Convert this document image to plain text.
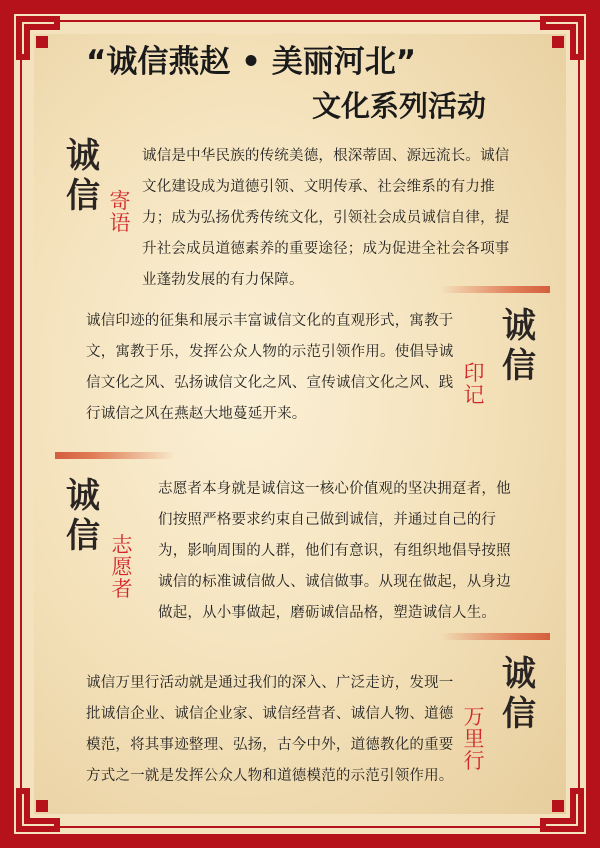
“诚信燕赵 • 美丽河北”
文化系列活动
诚
信 寄
语
诚信是中华民族的传统美德，根深蒂固、源远流长。诚信文化建设成为道德引领、文明传承、社会维系的有力推力；成为弘扬优秀传统文化，引领社会成员诚信自律，提升社会成员道德素养的重要途径；成为促进全社会各项事业蓬勃发展的有力保障。
诚信印迹的征集和展示丰富诚信文化的直观形式，寓教于文，寓教于乐，发挥公众人物的示范引领作用。使倡导诚信文化之风、弘扬诚信文化之风、宣传诚信文化之风、践行诚信之风在燕赵大地蔓延开来。
诚
信
印
记
诚
信 志
愿
者
志愿者本身就是诚信这一核心价值观的坚决拥趸者，他们按照严格要求约束自己做到诚信，并通过自己的行为，影响周围的人群，他们有意识，有组织地倡导按照诚信的标准诚信做人、诚信做事。从现在做起，从身边做起，从小事做起，磨砺诚信品格，塑造诚信人生。
诚信万里行活动就是通过我们的深入、广泛走访，发现一批诚信企业、诚信企业家、诚信经营者、诚信人物、道德模范，将其事迹整理、弘扬，古今中外，道德教化的重要方式之一就是发挥公众人物和道德模范的示范引领作用。
诚
信
万
里
行
